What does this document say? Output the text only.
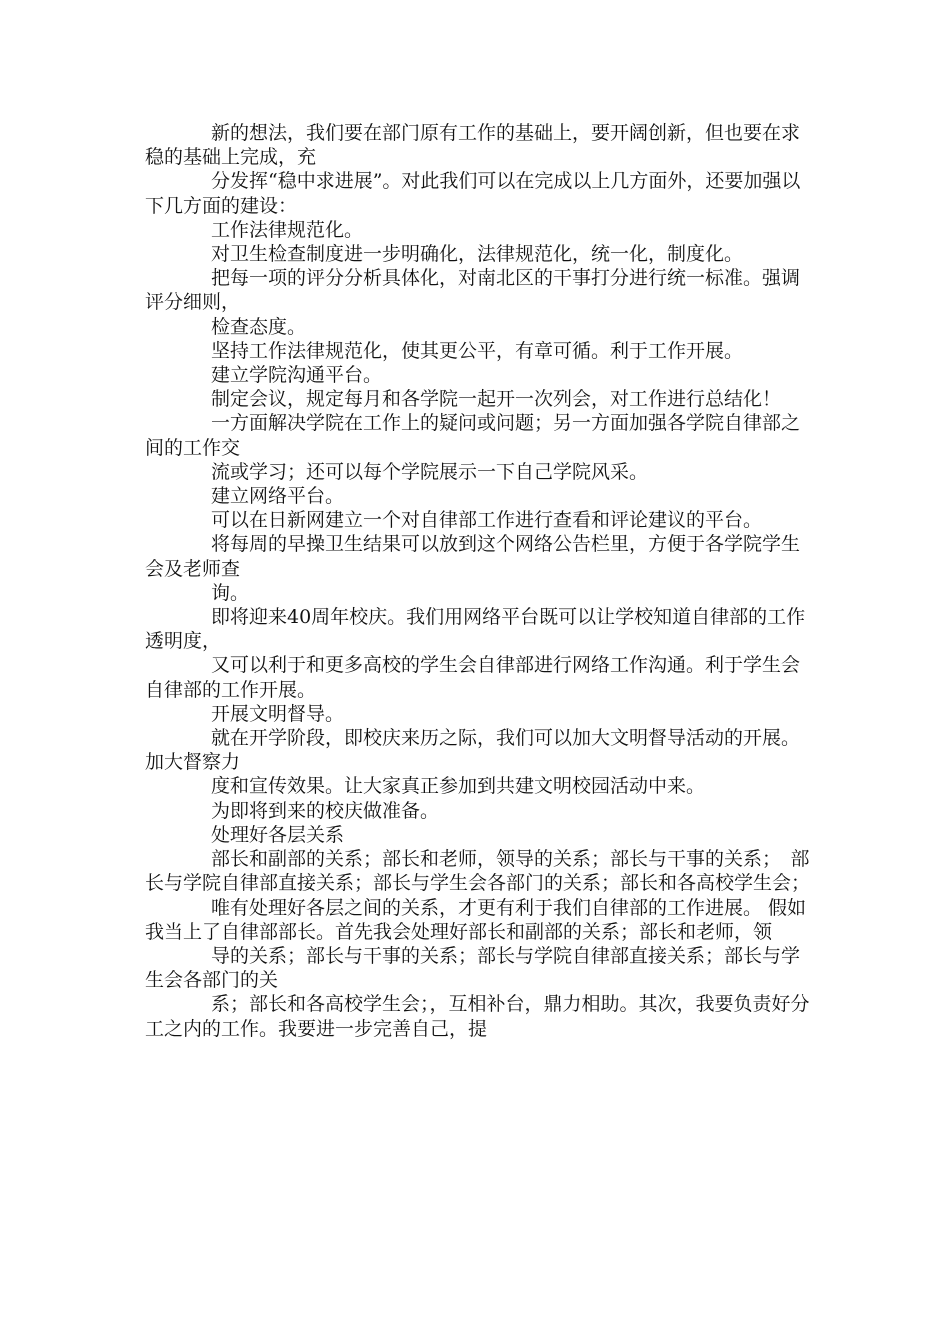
新的想法，我们要在部门原有工作的基础上，要开阔创新，但也要在求稳的基础上完成，充

分发挥“稳中求进展”。对此我们可以在完成以上几方面外，还要加强以下几方面的建设：

工作法律规范化。

对卫生检查制度进一步明确化，法律规范化，统一化，制度化。

把每一项的评分分析具体化，对南北区的干事打分进行统一标准。强调评分细则，

检查态度。

坚持工作法律规范化，使其更公平，有章可循。利于工作开展。

建立学院沟通平台。

制定会议，规定每月和各学院一起开一次列会，对工作进行总结化！

一方面解决学院在工作上的疑问或问题；另一方面加强各学院自律部之间的工作交

流或学习；还可以每个学院展示一下自己学院风采。

建立网络平台。

可以在日新网建立一个对自律部工作进行查看和评论建议的平台。

将每周的早操卫生结果可以放到这个网络公告栏里，方便于各学院学生会及老师查

询。

即将迎来40周年校庆。我们用网络平台既可以让学校知道自律部的工作透明度，

又可以利于和更多高校的学生会自律部进行网络工作沟通。利于学生会自律部的工作开展。

开展文明督导。

就在开学阶段，即校庆来历之际，我们可以加大文明督导活动的开展。加大督察力

度和宣传效果。让大家真正参加到共建文明校园活动中来。

为即将到来的校庆做准备。

处理好各层关系

部长和副部的关系；部长和老师，领导的关系；部长与干事的关系；　部长与学院自律部直接关系；部长与学生会各部门的关系；部长和各高校学生会；

唯有处理好各层之间的关系，才更有利于我们自律部的工作进展。 假如我当上了自律部部长。首先我会处理好部长和副部的关系；部长和老师，领

导的关系；部长与干事的关系；部长与学院自律部直接关系；部长与学生会各部门的关

系；部长和各高校学生会；，互相补台，鼎力相助。其次，我要负责好分工之内的工作。我要进一步完善自己，提
